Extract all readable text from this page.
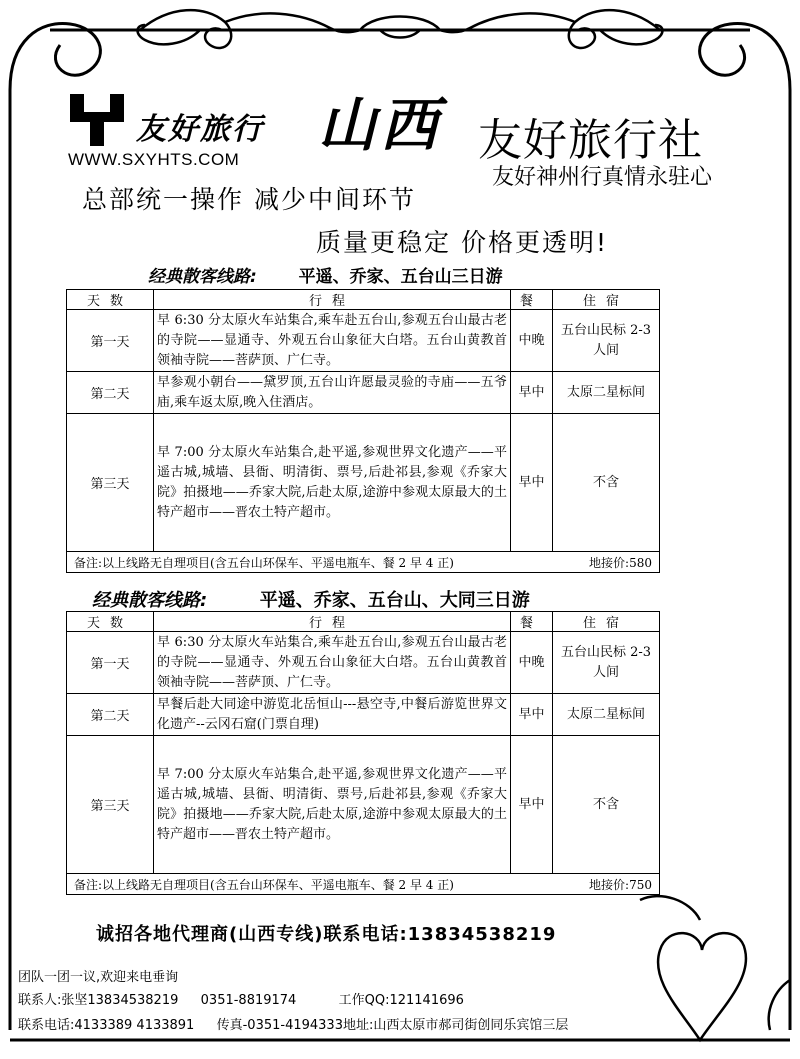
友好旅行
WWW.SXYHTS.COM
山西 友好旅行社
友好神州行真情永驻心
总部统一操作 减少中间环节
质量更稳定 价格更透明!
经典散客线路: 平遥、乔家、五台山三日游
天数	行程	餐	住宿
第一天	早 6:30 分太原火车站集合,乘车赴五台山,参观五台山最古老的寺院——显通寺、外观五台山象征大白塔。五台山黄教首领袖寺院——菩萨顶、广仁寺。	中晚	五台山民标 2-3 人间
第二天	早参观小朝台——黛罗顶,五台山许愿最灵验的寺庙——五爷庙,乘车返太原,晚入住酒店。	早中	太原二星标间
第三天	早 7:00 分太原火车站集合,赴平遥,参观世界文化遗产——平遥古城,城墙、县衙、明清街、票号,后赴祁县,参观《乔家大院》拍摄地——乔家大院,后赴太原,途游中参观太原最大的土特产超市——晋农土特产超市。	早中	不含

备注:以上线路无自理项目(含五台山环保车、平遥电瓶车、餐 2 早 4 正) 地接价:580			
经典散客线路:	平遥、乔家、五台山、大同三日游
天数	行程	餐	住宿
第一天	早 6:30 分太原火车站集合,乘车赴五台山,参观五台山最古老的寺院——显通寺、外观五台山象征大白塔。五台山黄教首领袖寺院——菩萨顶、广仁寺。	中晚	五台山民标 2-3 人间
第二天	早餐后赴大同途中游览北岳恒山---悬空寺,中餐后游览世界文化遗产--云冈石窟(门票自理)	早中	太原二星标间
第三天	早 7:00 分太原火车站集合,赴平遥,参观世界文化遗产——平遥古城,城墙、县衙、明清街、票号,后赴祁县,参观《乔家大院》拍摄地——乔家大院,后赴太原,途游中参观太原最大的土特产超市——晋农土特产超市。	早中	不含

备注:以上线路无自理项目(含五台山环保车、平遥电瓶车、餐 2 早 4 正) 地接价:750			
诚招各地代理商(山西专线)联系电话:13834538219
团队一团一议,欢迎来电垂询
联系人:张坚13834538219 0351-8819174	工作QQ:121141696
联系电话:4133389 4133891 传真-0351-4194333地址:山西太原市郝司街创同乐宾馆三层
